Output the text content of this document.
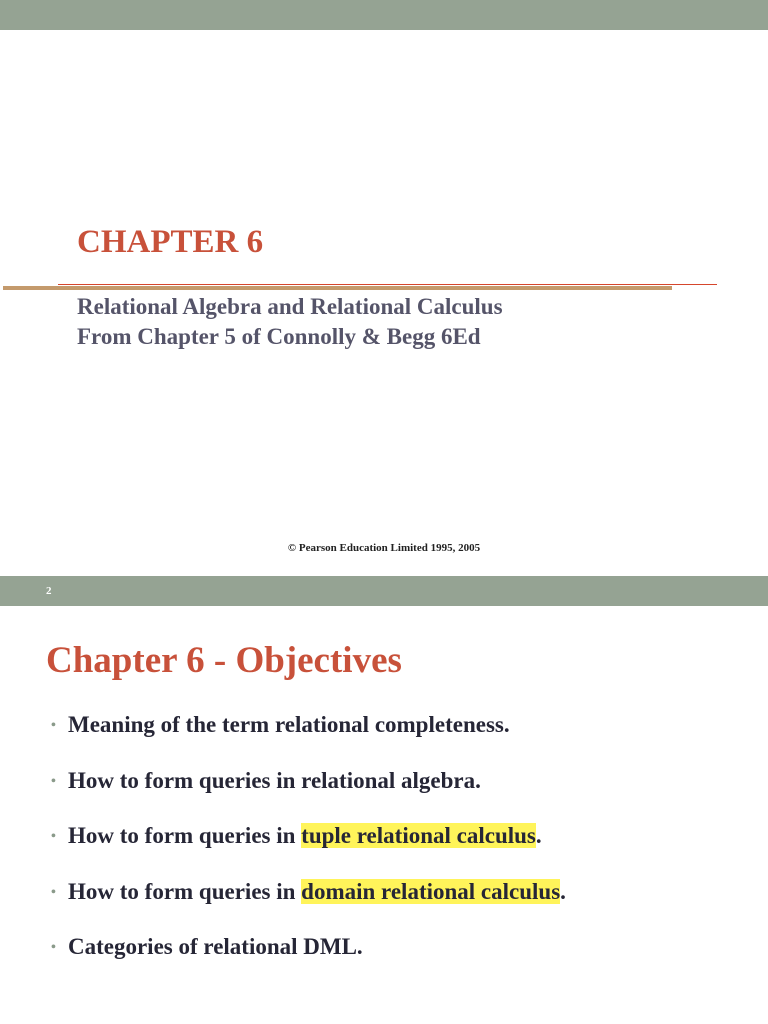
CHAPTER 6
Relational Algebra and Relational Calculus
From Chapter 5 of Connolly & Begg 6Ed
© Pearson Education Limited 1995, 2005
2
Chapter 6 - Objectives
• Meaning of the term relational completeness.
• How to form queries in relational algebra.
• How to form queries in tuple relational calculus.
• How to form queries in domain relational calculus.
• Categories of relational DML.
